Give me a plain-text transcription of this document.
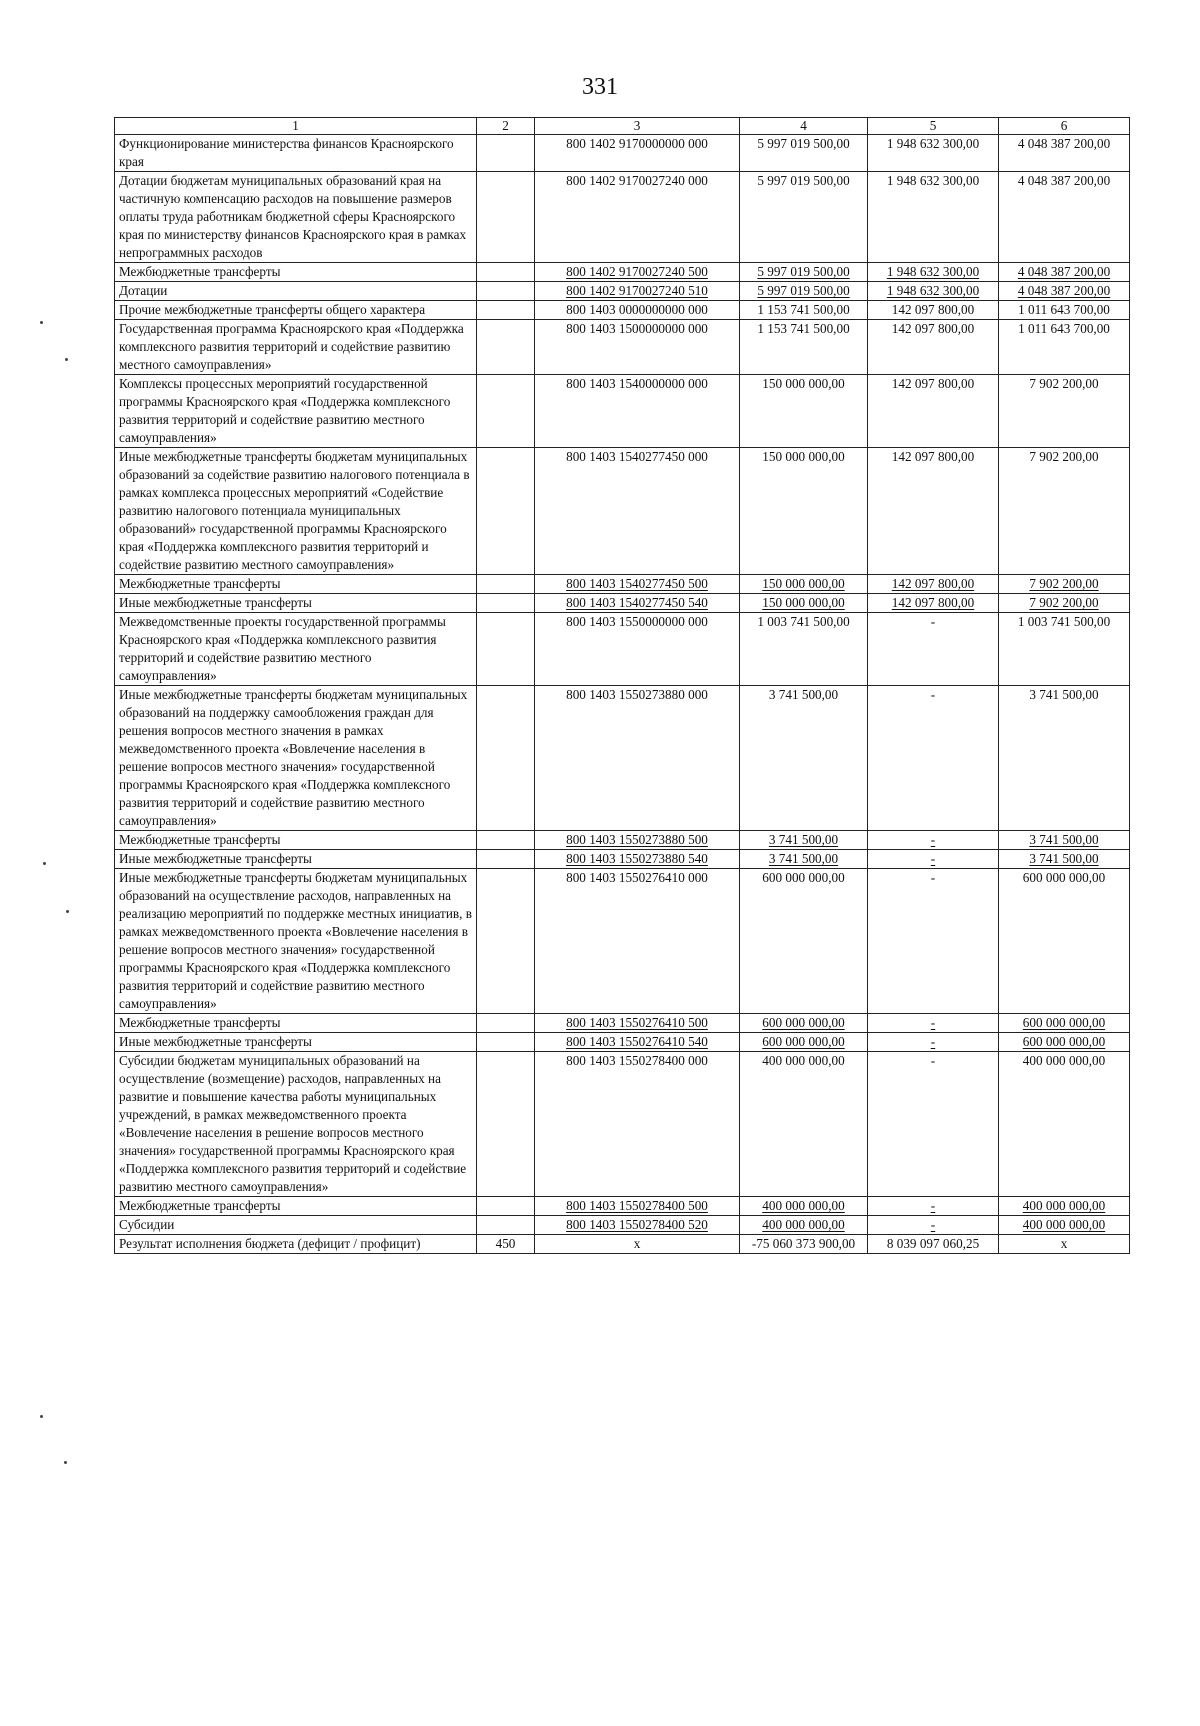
331
1	2	3	4	5	6
Функционирование министерства финансов Красноярского края		800 1402 9170000000 000	5 997 019 500,00	1 948 632 300,00	4 048 387 200,00
Дотации бюджетам муниципальных образований края на частичную компенсацию расходов на повышение размеров оплаты труда работникам бюджетной сферы Красноярского края по министерству финансов Красноярского края в рамках непрограммных расходов		800 1402 9170027240 000	5 997 019 500,00	1 948 632 300,00	4 048 387 200,00
Межбюджетные трансферты		800 1402 9170027240 500	5 997 019 500,00	1 948 632 300,00	4 048 387 200,00
Дотации		800 1402 9170027240 510	5 997 019 500,00	1 948 632 300,00	4 048 387 200,00
Прочие межбюджетные трансферты общего характера		800 1403 0000000000 000	1 153 741 500,00	142 097 800,00	1 011 643 700,00
Государственная программа Красноярского края «Поддержка комплексного развития территорий и содействие развитию местного самоуправления»		800 1403 1500000000 000	1 153 741 500,00	142 097 800,00	1 011 643 700,00
Комплексы процессных мероприятий государственной программы Красноярского края «Поддержка комплексного развития территорий и содействие развитию местного самоуправления»		800 1403 1540000000 000	150 000 000,00	142 097 800,00	7 902 200,00
Иные межбюджетные трансферты бюджетам муниципальных образований за содействие развитию налогового потенциала в рамках комплекса процессных мероприятий «Содействие развитию налогового потенциала муниципальных образований» государственной программы Красноярского края «Поддержка комплексного развития территорий и содействие развитию местного самоуправления»		800 1403 1540277450 000	150 000 000,00	142 097 800,00	7 902 200,00
Межбюджетные трансферты		800 1403 1540277450 500	150 000 000,00	142 097 800,00	7 902 200,00
Иные межбюджетные трансферты		800 1403 1540277450 540	150 000 000,00	142 097 800,00	7 902 200,00
Межведомственные проекты государственной программы Красноярского края «Поддержка комплексного развития территорий и содействие развитию местного самоуправления»		800 1403 1550000000 000	1 003 741 500,00	-	1 003 741 500,00
Иные межбюджетные трансферты бюджетам муниципальных образований на поддержку самообложения граждан для решения вопросов местного значения в рамках межведомственного проекта «Вовлечение населения в решение вопросов местного значения» государственной программы Красноярского края «Поддержка комплексного развития территорий и содействие развитию местного самоуправления»		800 1403 1550273880 000	3 741 500,00	-	3 741 500,00
Межбюджетные трансферты		800 1403 1550273880 500	3 741 500,00	-	3 741 500,00
Иные межбюджетные трансферты		800 1403 1550273880 540	3 741 500,00	-	3 741 500,00
Иные межбюджетные трансферты бюджетам муниципальных образований на осуществление расходов, направленных на реализацию мероприятий по поддержке местных инициатив, в рамках межведомственного проекта «Вовлечение населения в решение вопросов местного значения» государственной программы Красноярского края «Поддержка комплексного развития территорий и содействие развитию местного самоуправления»		800 1403 1550276410 000	600 000 000,00	-	600 000 000,00
Межбюджетные трансферты		800 1403 1550276410 500	600 000 000,00	-	600 000 000,00
Иные межбюджетные трансферты		800 1403 1550276410 540	600 000 000,00	-	600 000 000,00
Субсидии бюджетам муниципальных образований на осуществление (возмещение) расходов, направленных на развитие и повышение качества работы муниципальных учреждений, в рамках межведомственного проекта «Вовлечение населения в решение вопросов местного значения» государственной программы Красноярского края «Поддержка комплексного развития территорий и содействие развитию местного самоуправления»		800 1403 1550278400 000	400 000 000,00	-	400 000 000,00
Межбюджетные трансферты		800 1403 1550278400 500	400 000 000,00	-	400 000 000,00
Субсидии		800 1403 1550278400 520	400 000 000,00	-	400 000 000,00
Результат исполнения бюджета (дефицит / профицит)	450	x	-75 060 373 900,00	8 039 097 060,25	x
